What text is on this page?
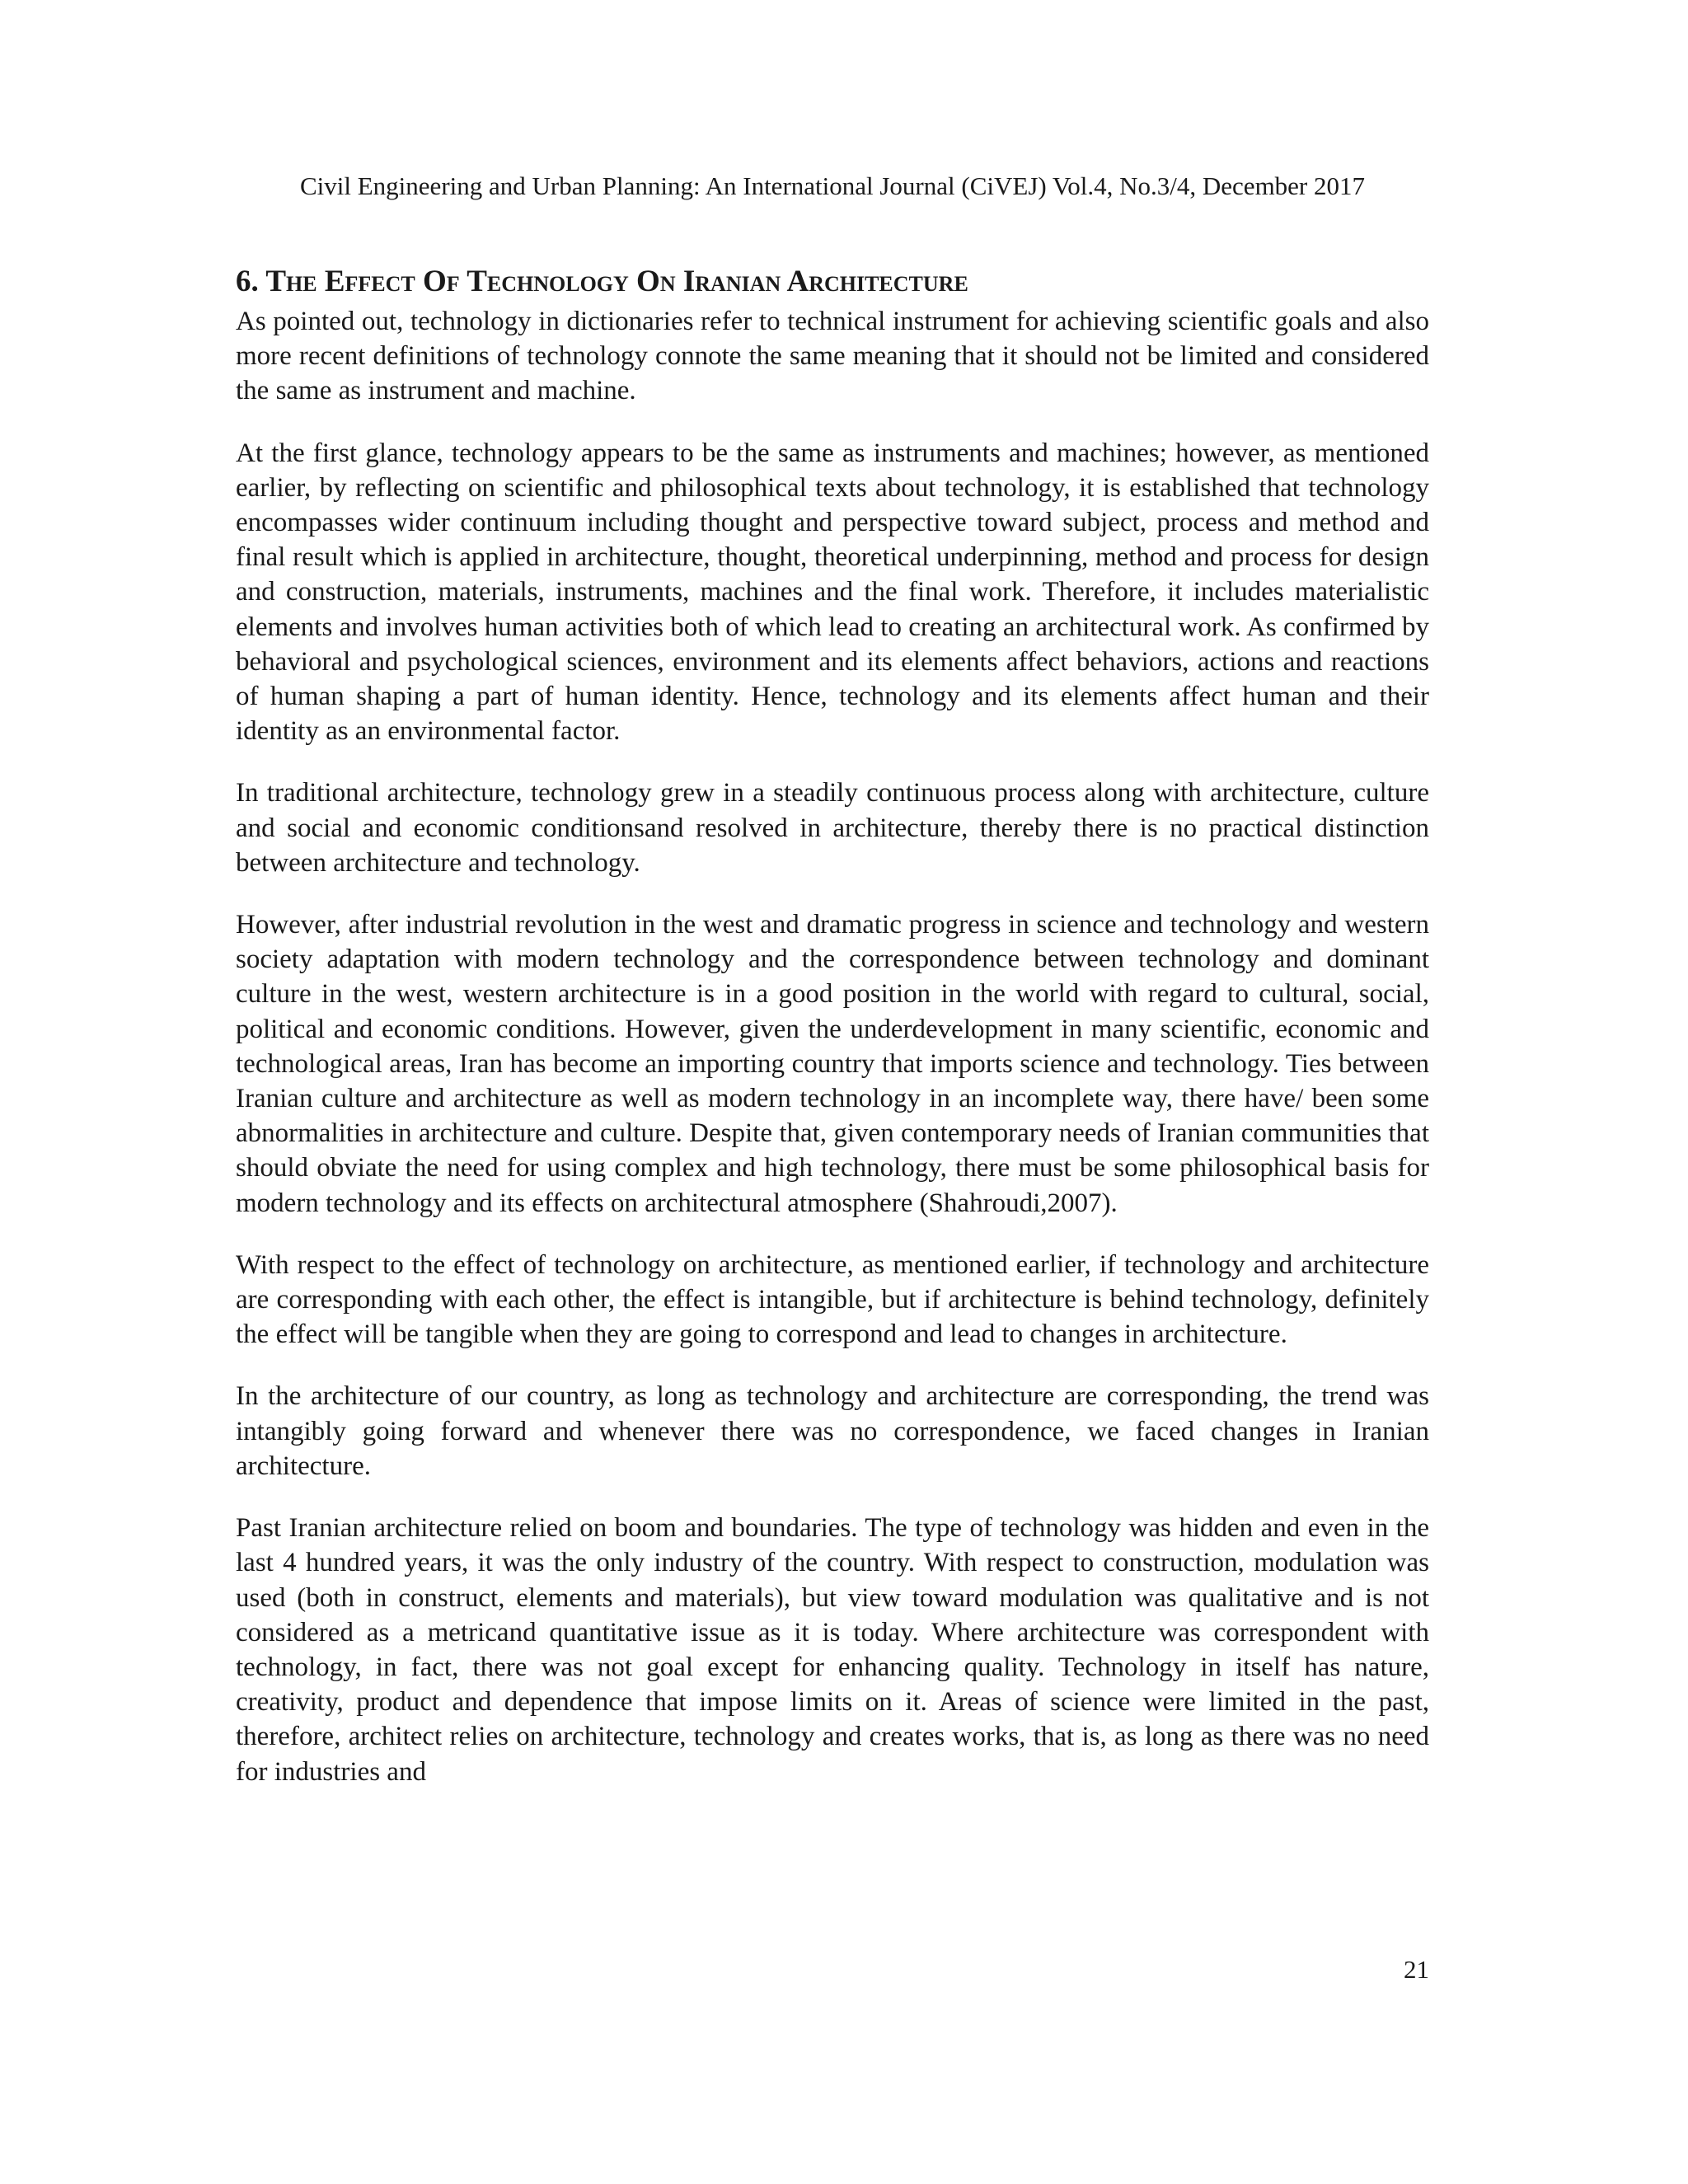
Civil Engineering and Urban Planning: An International Journal (CiVEJ) Vol.4, No.3/4, December 2017
6. The Effect Of Technology On Iranian Architecture

As pointed out, technology in dictionaries refer to technical instrument for achieving scientific goals and also more recent definitions of technology connote the same meaning that it should not be limited and considered the same as instrument and machine.

At the first glance, technology appears to be the same as instruments and machines; however, as mentioned earlier, by reflecting on scientific and philosophical texts about technology, it is established that technology encompasses wider continuum including thought and perspective toward subject, process and method and final result which is applied in architecture, thought, theoretical underpinning, method and process for design and construction, materials, instruments, machines and the final work. Therefore, it includes materialistic elements and involves human activities both of which lead to creating an architectural work. As confirmed by behavioral and psychological sciences, environment and its elements affect behaviors, actions and reactions of human shaping a part of human identity. Hence, technology and its elements affect human and their identity as an environmental factor.

In traditional architecture, technology grew in a steadily continuous process along with architecture, culture and social and economic conditionsand resolved in architecture, thereby there is no practical distinction between architecture and technology.

However, after industrial revolution in the west and dramatic progress in science and technology and western society adaptation with modern technology and the correspondence between technology and dominant culture in the west, western architecture is in a good position in the world with regard to cultural, social, political and economic conditions. However, given the underdevelopment in many scientific, economic and technological areas, Iran has become an importing country that imports science and technology. Ties between Iranian culture and architecture as well as modern technology in an incomplete way, there have/ been some abnormalities in architecture and culture. Despite that, given contemporary needs of Iranian communities that should obviate the need for using complex and high technology, there must be some philosophical basis for modern technology and its effects on architectural atmosphere (Shahroudi,2007).

With respect to the effect of technology on architecture, as mentioned earlier, if technology and architecture are corresponding with each other, the effect is intangible, but if architecture is behind technology, definitely the effect will be tangible when they are going to correspond and lead to changes in architecture.

In the architecture of our country, as long as technology and architecture are corresponding, the trend was intangibly going forward and whenever there was no correspondence, we faced changes in Iranian architecture.

Past Iranian architecture relied on boom and boundaries. The type of technology was hidden and even in the last 4 hundred years, it was the only industry of the country. With respect to construction, modulation was used (both in construct, elements and materials), but view toward modulation was qualitative and is not considered as a metricand quantitative issue as it is today. Where architecture was correspondent with technology, in fact, there was not goal except for enhancing quality. Technology in itself has nature, creativity, product and dependence that impose limits on it. Areas of science were limited in the past, therefore, architect relies on architecture, technology and creates works, that is, as long as there was no need for industries and

21
